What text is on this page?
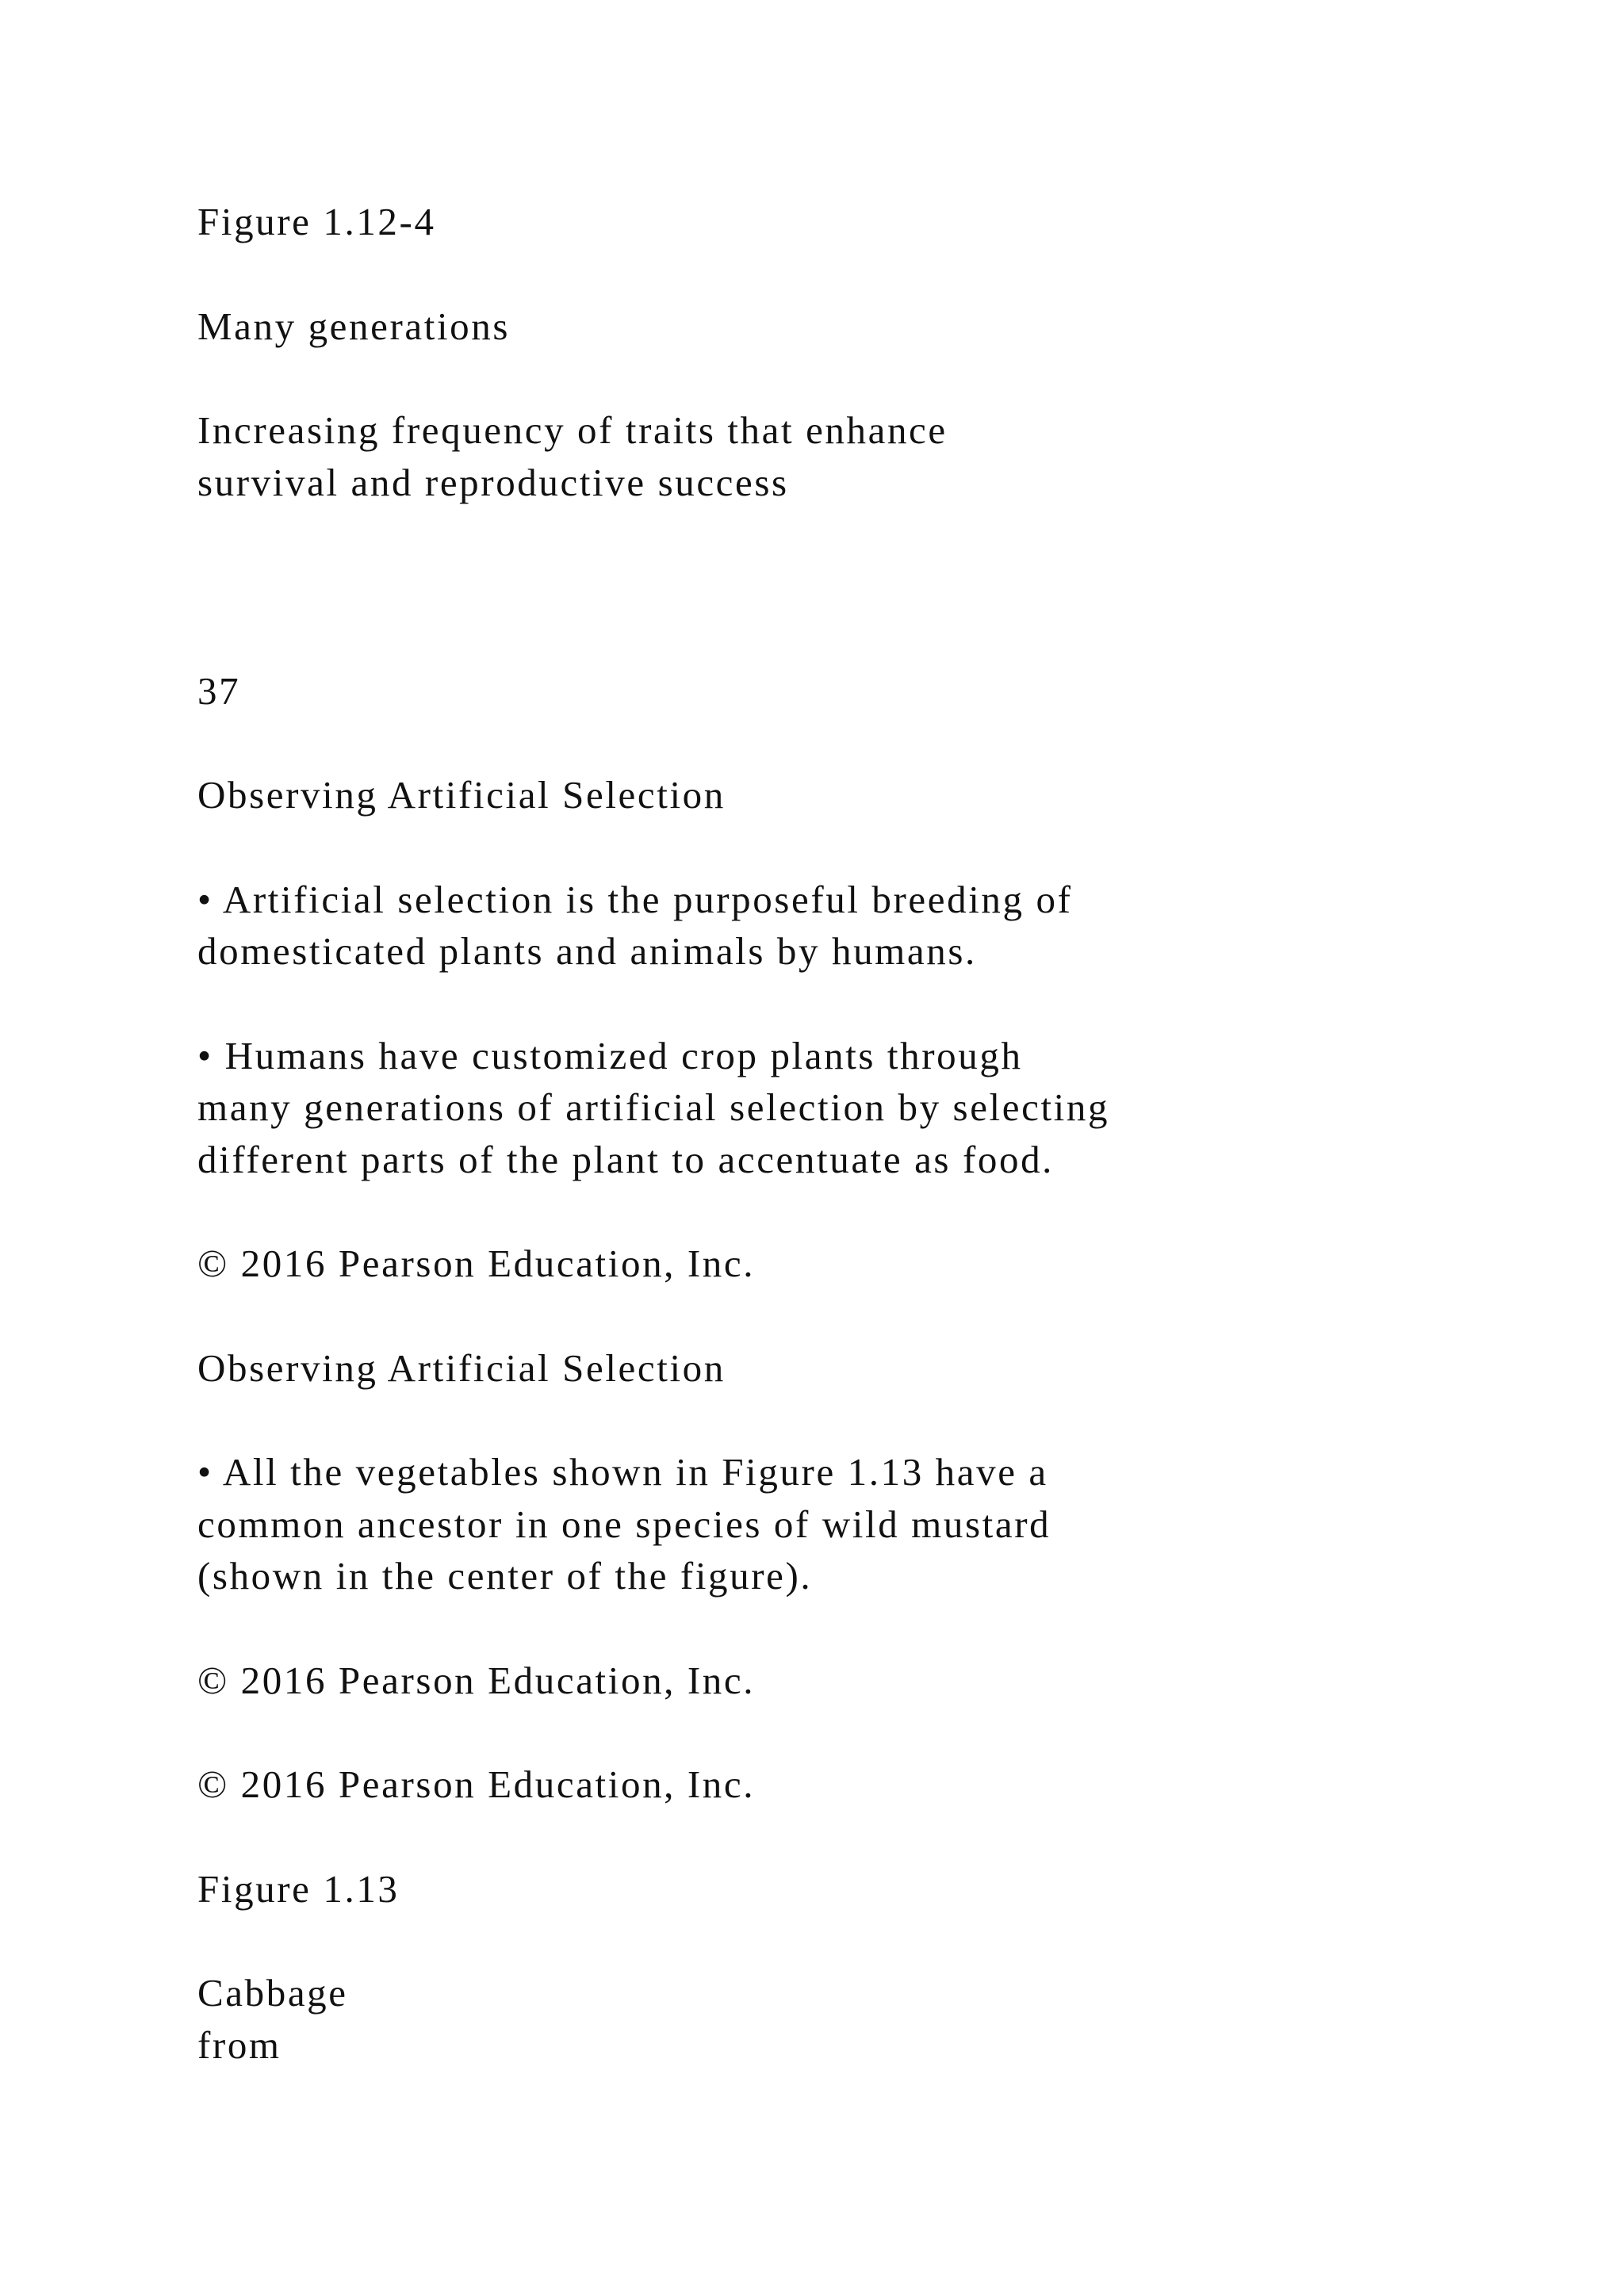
Figure 1.12-4

Many generations

Increasing frequency of traits that enhance

survival and reproductive success

37

Observing Artificial Selection

• Artificial selection is the purposeful breeding of

domesticated plants and animals by humans.

• Humans have customized crop plants through

many generations of artificial selection by selecting

different parts of the plant to accentuate as food.

© 2016 Pearson Education, Inc.

Observing Artificial Selection

• All the vegetables shown in Figure 1.13 have a

common ancestor in one species of wild mustard

(shown in the center of the figure).

© 2016 Pearson Education, Inc.

© 2016 Pearson Education, Inc.

Figure 1.13

Cabbage

from
